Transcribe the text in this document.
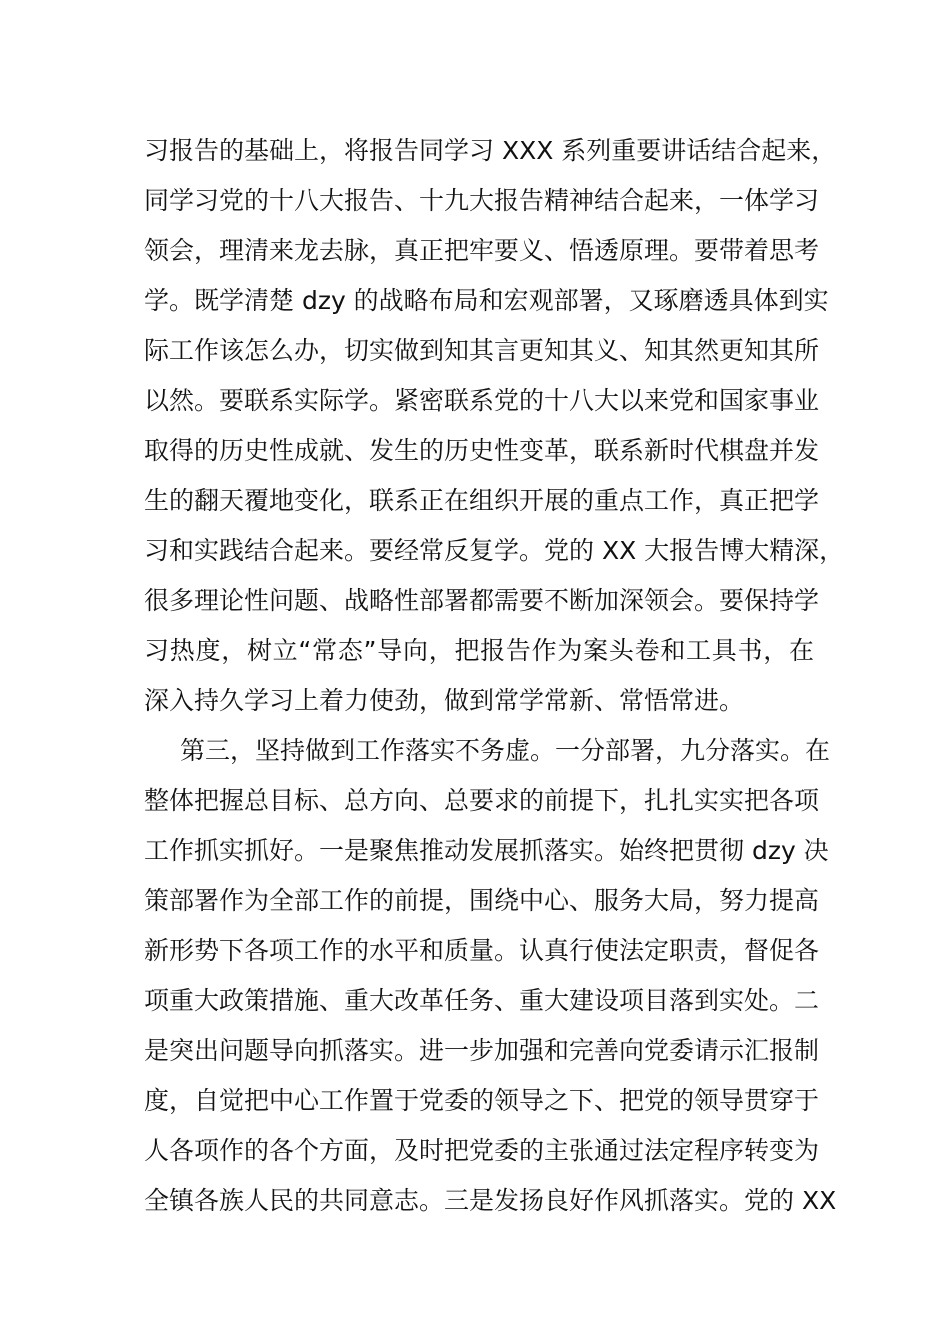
习报告的基础上，将报告同学习 XXX 系列重要讲话结合起来，
同学习党的十八大报告、十九大报告精神结合起来，一体学习
领会，理清来龙去脉，真正把牢要义、悟透原理。要带着思考
学。既学清楚 dzy 的战略布局和宏观部署，又琢磨透具体到实
际工作该怎么办，切实做到知其言更知其义、知其然更知其所
以然。要联系实际学。紧密联系党的十八大以来党和国家事业
取得的历史性成就、发生的历史性变革，联系新时代棋盘并发
生的翻天覆地变化，联系正在组织开展的重点工作，真正把学
习和实践结合起来。要经常反复学。党的 XX 大报告博大精深，
很多理论性问题、战略性部署都需要不断加深领会。要保持学
习热度，树立“常态”导向，把报告作为案头卷和工具书，在
深入持久学习上着力使劲，做到常学常新、常悟常进。
第三，坚持做到工作落实不务虚。一分部署，九分落实。在
整体把握总目标、总方向、总要求的前提下，扎扎实实把各项
工作抓实抓好。一是聚焦推动发展抓落实。始终把贯彻 dzy 决
策部署作为全部工作的前提，围绕中心、服务大局，努力提高
新形势下各项工作的水平和质量。认真行使法定职责，督促各
项重大政策措施、重大改革任务、重大建设项目落到实处。二
是突出问题导向抓落实。进一步加强和完善向党委请示汇报制
度，自觉把中心工作置于党委的领导之下、把党的领导贯穿于
人各项作的各个方面，及时把党委的主张通过法定程序转变为
全镇各族人民的共同意志。三是发扬良好作风抓落实。党的 XX
